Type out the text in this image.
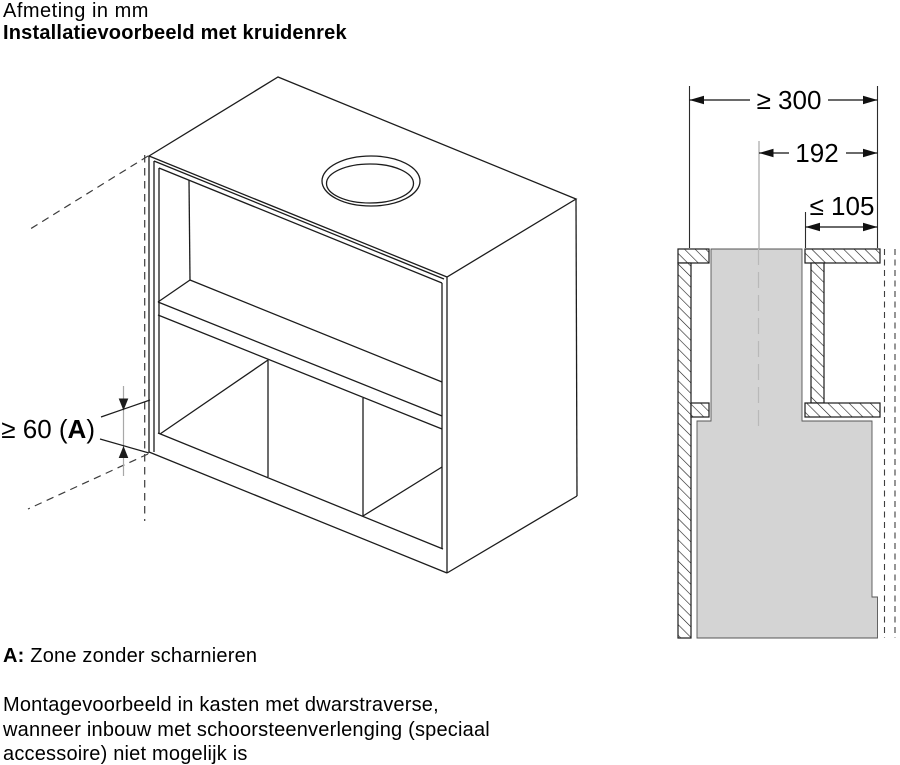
Afmeting in mm
Installatievoorbeeld met kruidenrek
≥ 60 (A)
≥ 300
192
≤ 105
A: Zone zonder scharnieren
Montagevoorbeeld in kasten met dwarstraverse,
wanneer inbouw met schoorsteenverlenging (speciaal
accessoire) niet mogelijk is
